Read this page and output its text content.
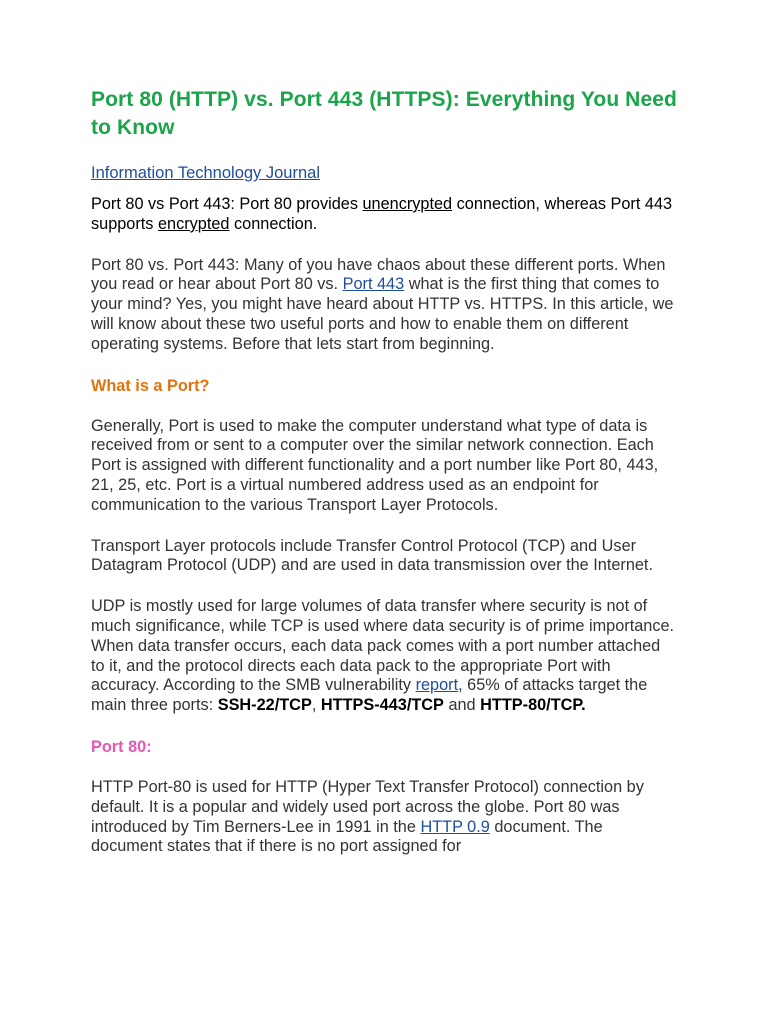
Port 80 (HTTP) vs. Port 443 (HTTPS): Everything You Need to Know
Information Technology Journal

Port 80 vs Port 443: Port 80 provides unencrypted connection, whereas Port 443 supports encrypted connection.

Port 80 vs. Port 443: Many of you have chaos about these different ports. When you read or hear about Port 80 vs. Port 443 what is the first thing that comes to your mind? Yes, you might have heard about HTTP vs. HTTPS. In this article, we will know about these two useful ports and how to enable them on different operating systems. Before that lets start from beginning.

What is a Port?

Generally, Port is used to make the computer understand what type of data is received from or sent to a computer over the similar network connection. Each Port is assigned with different functionality and a port number like Port 80, 443, 21, 25, etc. Port is a virtual numbered address used as an endpoint for communication to the various Transport Layer Protocols.

Transport Layer protocols include Transfer Control Protocol (TCP) and User Datagram Protocol (UDP) and are used in data transmission over the Internet.

UDP is mostly used for large volumes of data transfer where security is not of much significance, while TCP is used where data security is of prime importance. When data transfer occurs, each data pack comes with a port number attached to it, and the protocol directs each data pack to the appropriate Port with accuracy. According to the SMB vulnerability report, 65% of attacks target the main three ports: SSH-22/TCP, HTTPS-443/TCP and HTTP-80/TCP.

Port 80:

HTTP Port-80 is used for HTTP (Hyper Text Transfer Protocol) connection by default. It is a popular and widely used port across the globe. Port 80 was introduced by Tim Berners-Lee in 1991 in the HTTP 0.9 document. The document states that if there is no port assigned for
